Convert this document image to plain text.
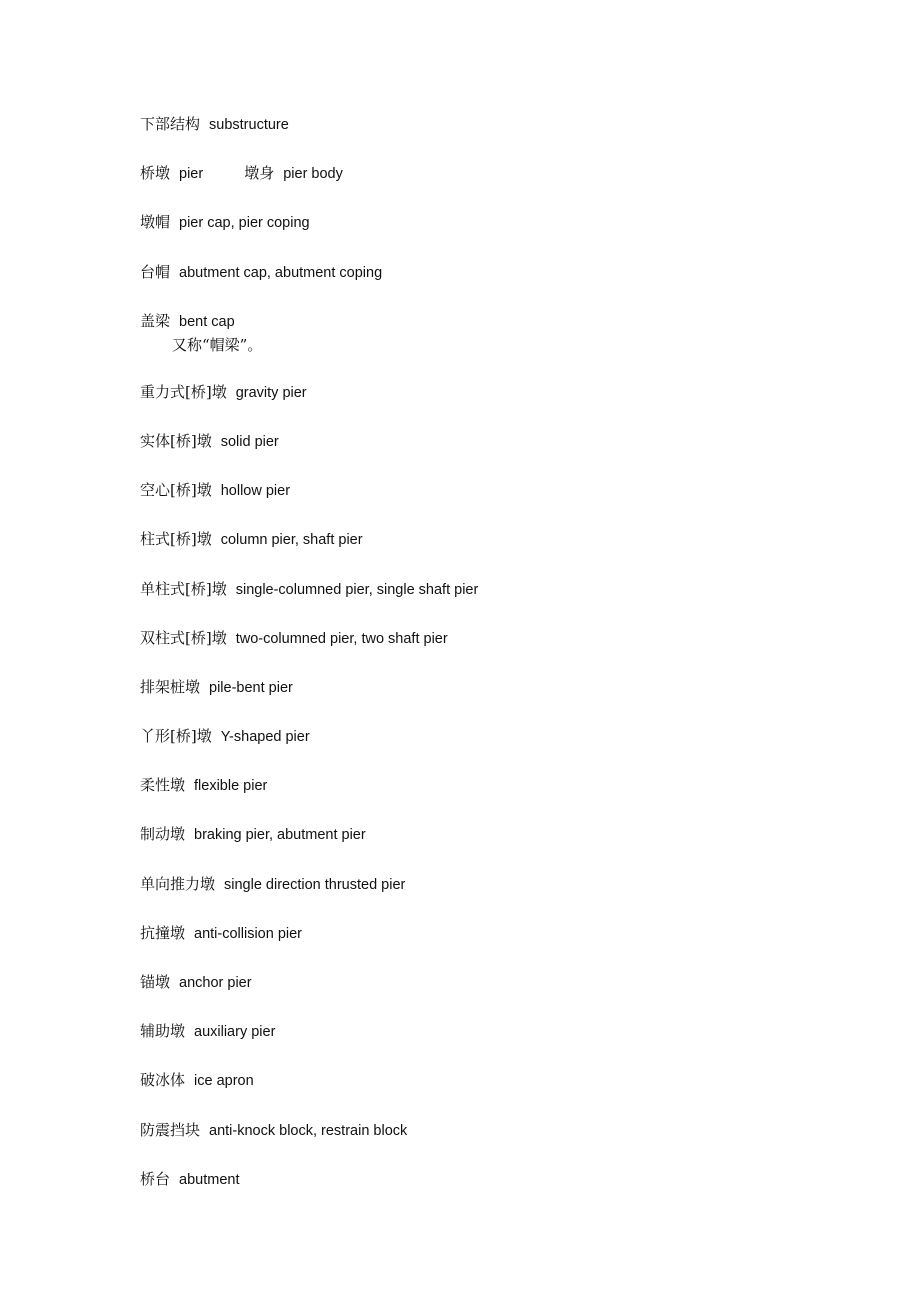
下部结构 substructure
桥墩 pier	墩身 pier body
墩帽 pier cap, pier coping
台帽 abutment cap, abutment coping
盖梁 bent cap
又称“帽梁”。
重力式[桥]墩 gravity pier
实体[桥]墩 solid pier
空心[桥]墩 hollow pier
柱式[桥]墩 column pier, shaft pier
单柱式[桥]墩 single-columned pier, single shaft pier
双柱式[桥]墩 two-columned pier, two shaft pier
排架桩墩 pile-bent pier
丫形[桥]墩 Y-shaped pier
柔性墩 flexible pier
制动墩 braking pier, abutment pier
单向推力墩 single direction thrusted pier
抗撞墩 anti-collision pier
锚墩 anchor pier
辅助墩 auxiliary pier
破冰体 ice apron
防震挡块 anti-knock block, restrain block
桥台 abutment
